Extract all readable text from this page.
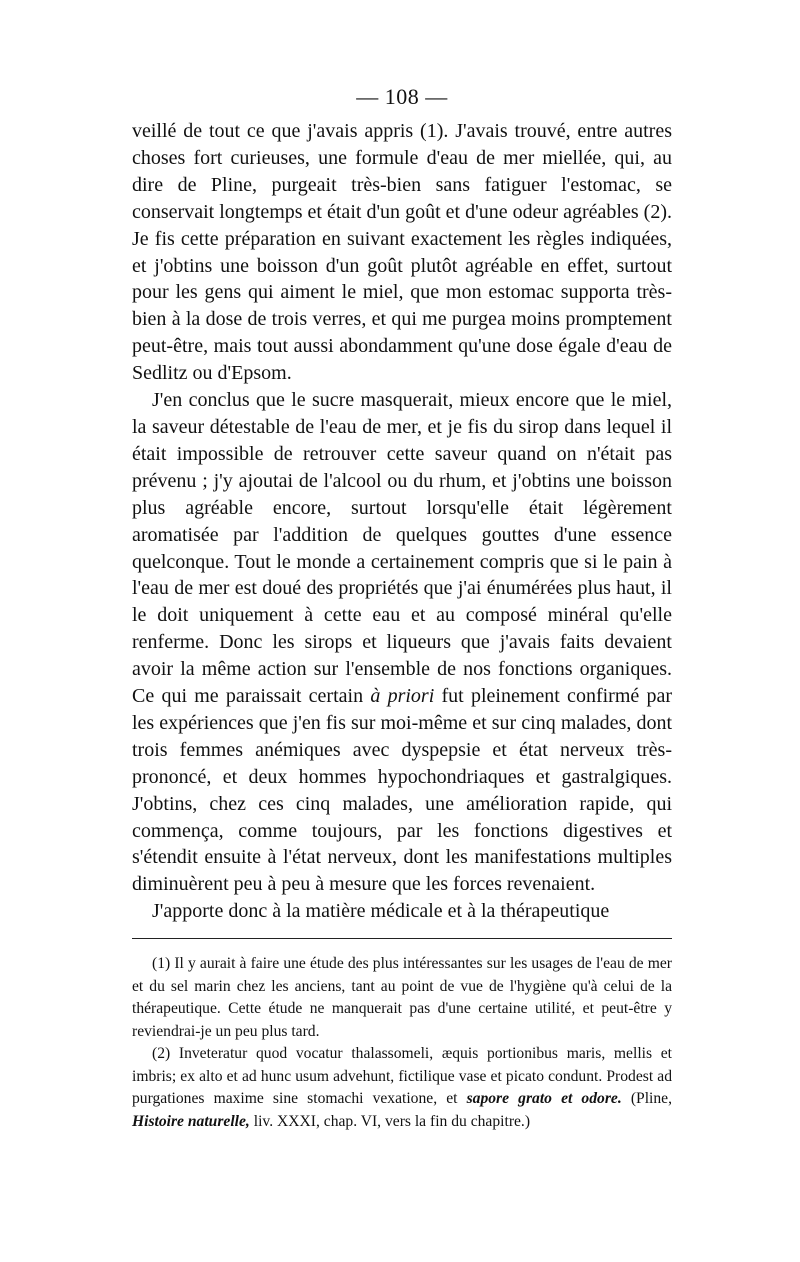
— 108 —

veillé de tout ce que j'avais appris (1). J'avais trouvé, entre autres choses fort curieuses, une formule d'eau de mer miellée, qui, au dire de Pline, purgeait très-bien sans fatiguer l'estomac, se conservait longtemps et était d'un goût et d'une odeur agréables (2). Je fis cette préparation en suivant exactement les règles indiquées, et j'obtins une boisson d'un goût plutôt agréable en effet, surtout pour les gens qui aiment le miel, que mon estomac supporta très-bien à la dose de trois verres, et qui me purgea moins promptement peut-être, mais tout aussi abondamment qu'une dose égale d'eau de Sedlitz ou d'Epsom.

J'en conclus que le sucre masquerait, mieux encore que le miel, la saveur détestable de l'eau de mer, et je fis du sirop dans lequel il était impossible de retrouver cette saveur quand on n'était pas prévenu ; j'y ajoutai de l'alcool ou du rhum, et j'obtins une boisson plus agréable encore, surtout lorsqu'elle était légèrement aromatisée par l'addition de quelques gouttes d'une essence quelconque. Tout le monde a certainement compris que si le pain à l'eau de mer est doué des propriétés que j'ai énumérées plus haut, il le doit uniquement à cette eau et au composé minéral qu'elle renferme. Donc les sirops et liqueurs que j'avais faits devaient avoir la même action sur l'ensemble de nos fonctions organiques. Ce qui me paraissait certain à priori fut pleinement confirmé par les expériences que j'en fis sur moi-même et sur cinq malades, dont trois femmes anémiques avec dyspepsie et état nerveux très-prononcé, et deux hommes hypochondriaques et gastralgiques. J'obtins, chez ces cinq malades, une amélioration rapide, qui commença, comme toujours, par les fonctions digestives et s'étendit ensuite à l'état nerveux, dont les manifestations multiples diminuèrent peu à peu à mesure que les forces revenaient.

J'apporte donc à la matière médicale et à la thérapeutique

(1) Il y aurait à faire une étude des plus intéressantes sur les usages de l'eau de mer et du sel marin chez les anciens, tant au point de vue de l'hygiène qu'à celui de la thérapeutique. Cette étude ne manquerait pas d'une certaine utilité, et peut-être y reviendrai-je un peu plus tard.

(2) Inveteratur quod vocatur thalassomeli, æquis portionibus maris, mellis et imbris; ex alto et ad hunc usum advehunt, fictilique vase et picato condunt. Prodest ad purgationes maxime sine stomachi vexatione, et sapore grato et odore. (Pline, Histoire naturelle, liv. XXXI, chap. VI, vers la fin du chapitre.)
